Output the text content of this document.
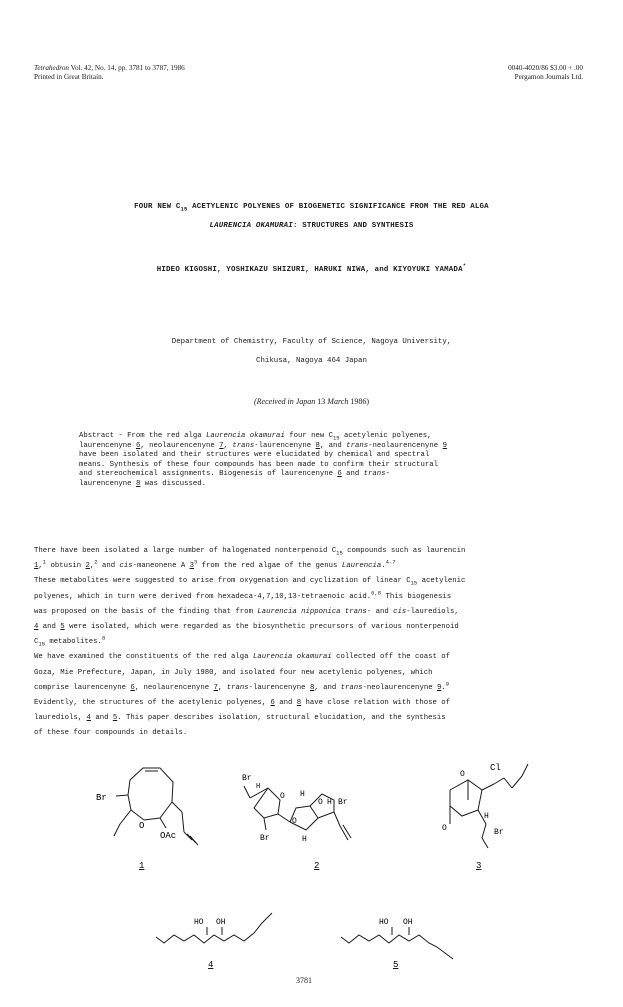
Tetrahedron Vol. 42, No. 14, pp. 3781 to 3787, 1986
Printed in Great Britain.
0040-4020/86 $3.00 + .00
Pergamon Journals Ltd.
FOUR NEW $C_{15}$ ACETYLENIC POLYENES OF BIOGENETIC SIGNIFICANCE FROM THE RED ALGA
LAURENCIA OKAMURAI: STRUCTURES AND SYNTHESIS
HIDEO KIGOSHI, YOSHIKAZU SHIZURI, HARUKI NIWA, and KIYOYUKI YAMADA*
Department of Chemistry, Faculty of Science, Nagoya University,
Chikusa, Nagoya 464 Japan
(Received in Japan 13 March 1986)
Abstract - From the red alga Laurencia okamurai four new $C_{15}$ acetylenic polyenes,
laurencenyne 6, neolaurencenyne 7, trans-laurencenyne 8, and trans-neolaurencenyne 9
have been isolated and their structures were elucidated by chemical and spectral
means. Synthesis of these four compounds has been made to confirm their structural
and stereochemical assignments. Biogenesis of laurencenyne 6 and trans-
laurencenyne 8 was discussed.
There have been isolated a large number of halogenated nonterpenoid $C_{15}$ compounds such as laurencin
1,$^1$ obtusin 2,$^2$ and cis-maneonene A $3^3$ from the red algae of the genus Laurencia.$^{4-7}$
These metabolites were suggested to arise from oxygenation and cyclization of linear $C_{15}$ acetylenic
polyenes, which in turn were derived from hexadeca-4,7,10,13-tetraenoic acid.$^{6,8}$ This biogenesis
was proposed on the basis of the finding that from Laurencia nipponica trans- and cis-laurediols,
4 and 5 were isolated, which were regarded as the biosynthetic precursors of various nonterpenoid
$C_{15}$ metabolites.$^8$
We have examined the constituents of the red alga Laurencia okamurai collected off the coast of
Goza, Mie Prefecture, Japan, in July 1980, and isolated four new acetylenic polyenes, which
comprise laurencenyne 6, neolaurencenyne 7, trans-laurencenyne 8, and trans-neolaurencenyne 9.$^9$
Evidently, the structures of the acetylenic polyenes, 6 and 8 have close relation with those of
laurediols, 4 and 5. This paper describes isolation, structural elucidation, and the synthesis
of these four compounds in details.
Br
O
OAc
1
Br
H
O H
O H Br
O
Br	H
2
O
Cl
H
O	Br
3
HO OH
4
HO OH
5
3781
